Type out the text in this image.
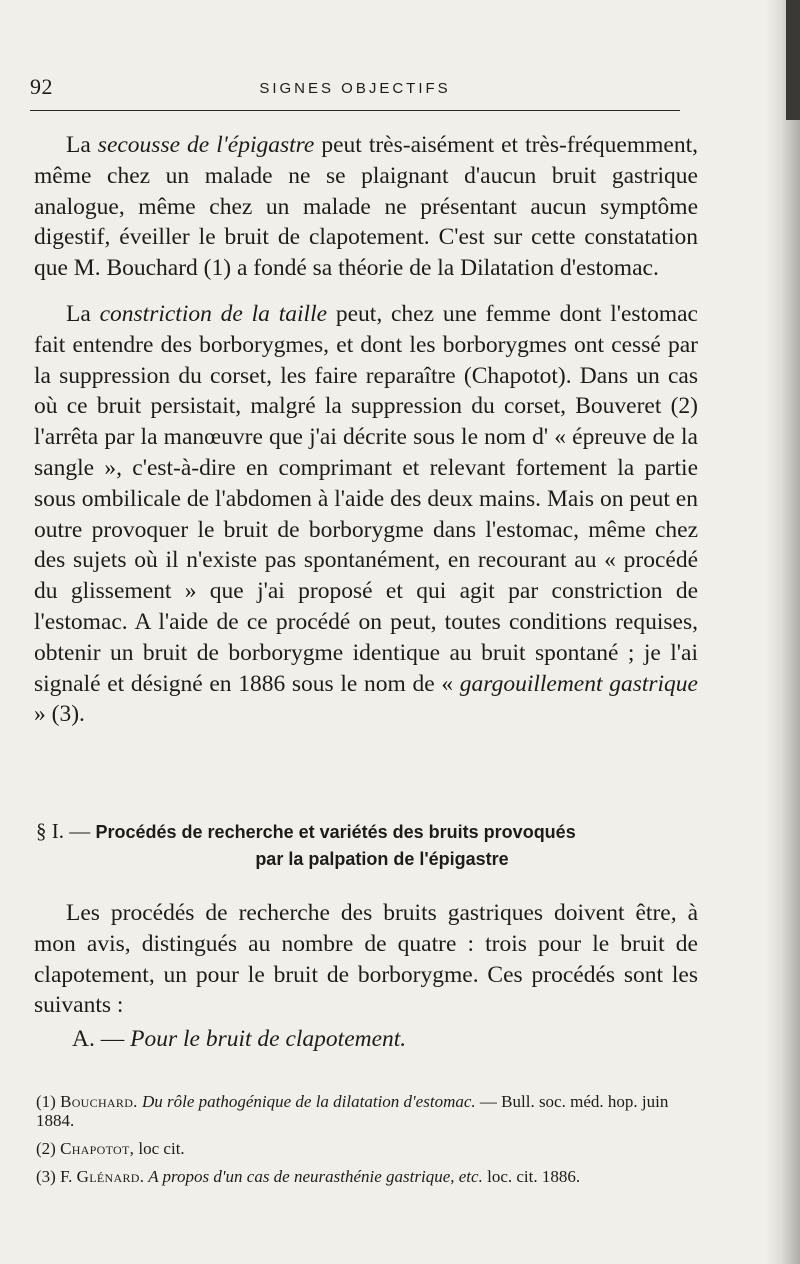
92	SIGNES OBJECTIFS

La secousse de l'épigastre peut très-aisément et très-fréquemment, même chez un malade ne se plaignant d'aucun bruit gastrique analogue, même chez un malade ne présentant aucun symptôme digestif, éveiller le bruit de clapotement. C'est sur cette constatation que M. Bouchard (1) a fondé sa théorie de la Dilatation d'estomac.

La constriction de la taille peut, chez une femme dont l'estomac fait entendre des borborygmes, et dont les borborygmes ont cessé par la suppression du corset, les faire reparaître (Chapotot). Dans un cas où ce bruit persistait, malgré la suppression du corset, Bouveret (2) l'arrêta par la manœuvre que j'ai décrite sous le nom d' « épreuve de la sangle », c'est-à-dire en comprimant et relevant fortement la partie sous ombilicale de l'abdomen à l'aide des deux mains. Mais on peut en outre provoquer le bruit de borborygme dans l'estomac, même chez des sujets où il n'existe pas spontanément, en recourant au « procédé du glissement » que j'ai proposé et qui agit par constriction de l'estomac. A l'aide de ce procédé on peut, toutes conditions requises, obtenir un bruit de borborygme identique au bruit spontané ; je l'ai signalé et désigné en 1886 sous le nom de « gargouillement gastrique » (3).

§ I. — Procédés de recherche et variétés des bruits provoqués
par la palpation de l'épigastre

Les procédés de recherche des bruits gastriques doivent être, à mon avis, distingués au nombre de quatre : trois pour le bruit de clapotement, un pour le bruit de borborygme. Ces procédés sont les suivants :

A. — Pour le bruit de clapotement.

(1) Bouchard. Du rôle pathogénique de la dilatation d'estomac. — Bull. soc. méd. hop. juin 1884.

(2) Chapotot, loc cit.

(3) F. Glénard. A propos d'un cas de neurasthénie gastrique, etc. loc. cit. 1886.
